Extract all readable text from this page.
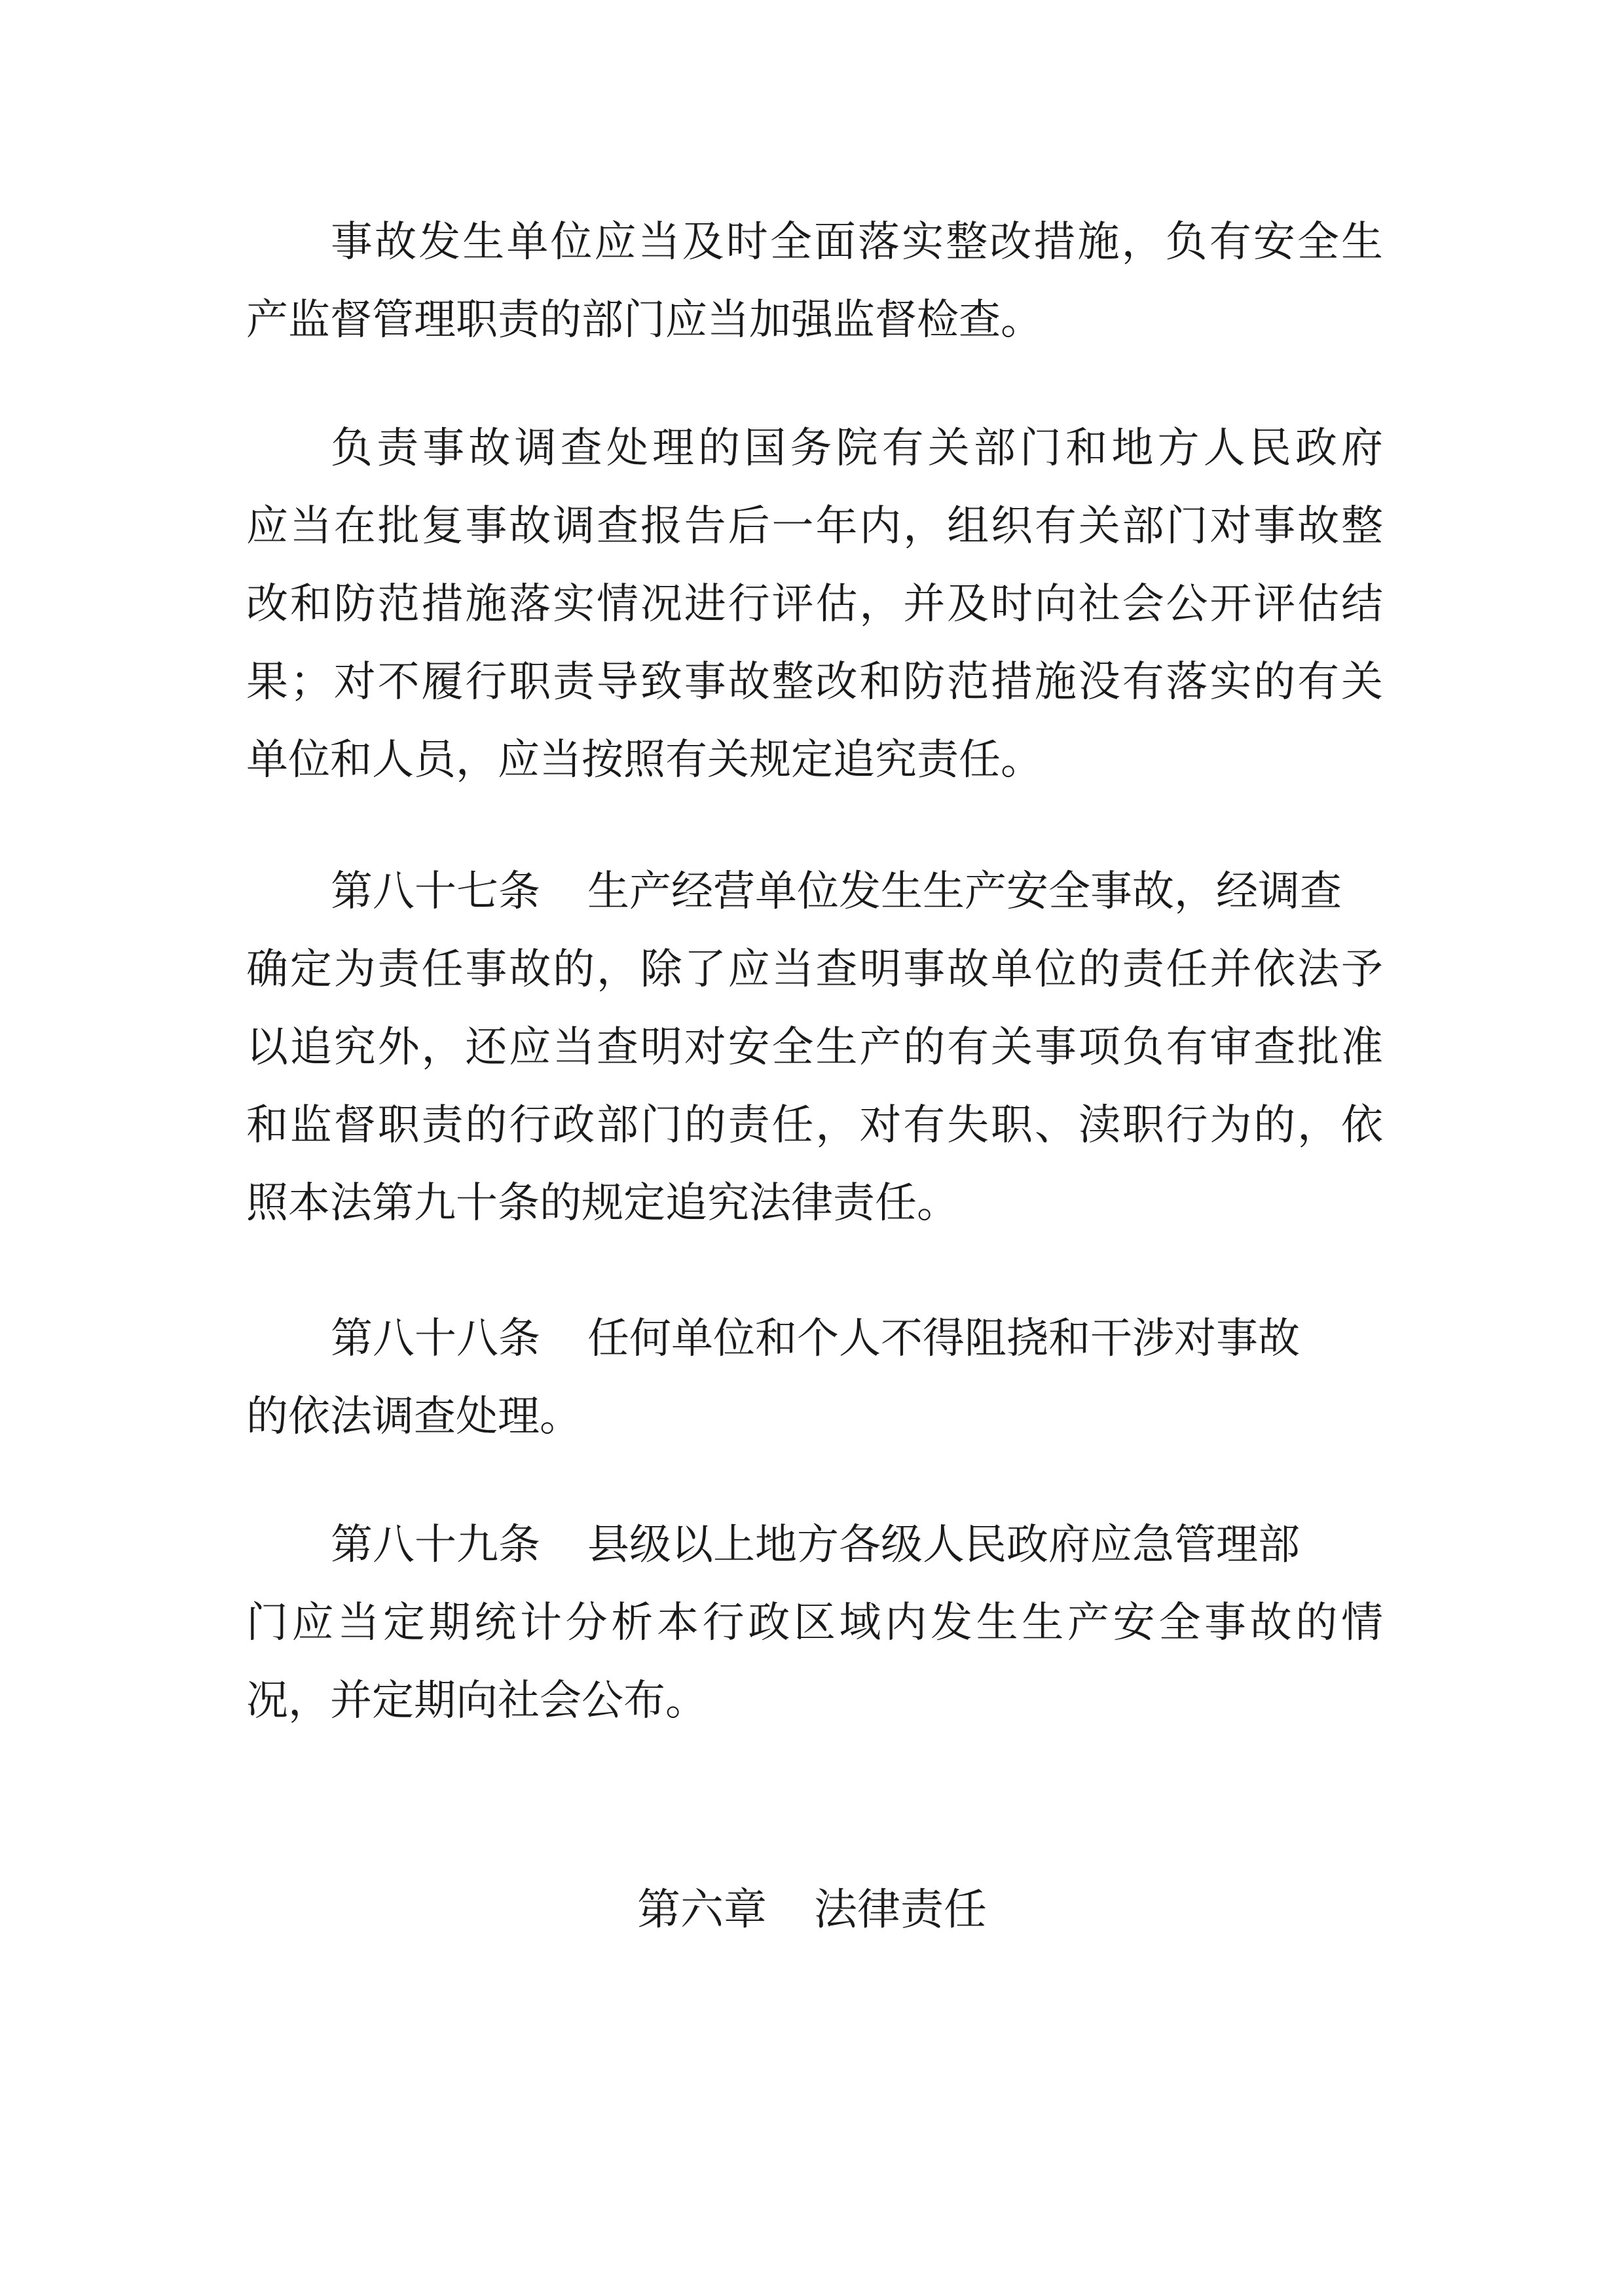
事故发生单位应当及时全面落实整改措施，负有安全生
产监督管理职责的部门应当加强监督检查。
负责事故调查处理的国务院有关部门和地方人民政府
应当在批复事故调查报告后一年内，组织有关部门对事故整
改和防范措施落实情况进行评估，并及时向社会公开评估结
果；对不履行职责导致事故整改和防范措施没有落实的有关
单位和人员，应当按照有关规定追究责任。
第八十七条 生产经营单位发生生产安全事故，经调查
确定为责任事故的，除了应当查明事故单位的责任并依法予
以追究外，还应当查明对安全生产的有关事项负有审查批准
和监督职责的行政部门的责任，对有失职、渎职行为的，依
照本法第九十条的规定追究法律责任。
第八十八条 任何单位和个人不得阻挠和干涉对事故
的依法调查处理。
第八十九条 县级以上地方各级人民政府应急管理部
门应当定期统计分析本行政区域内发生生产安全事故的情
况，并定期向社会公布。
第六章 法律责任
